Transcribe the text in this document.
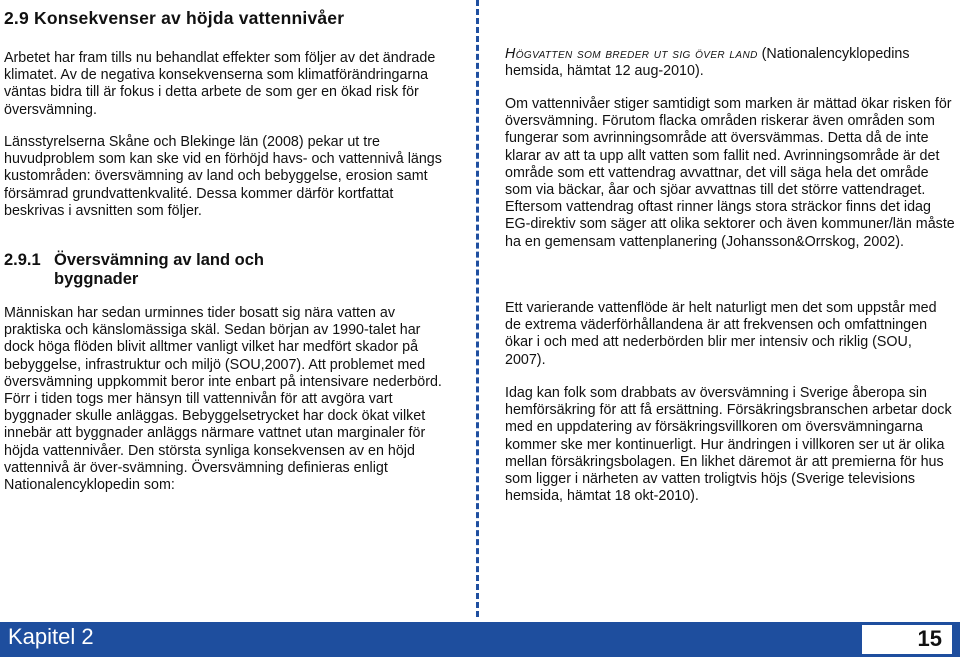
2.9 Konsekvenser av höjda vattennivåer

Arbetet har fram tills nu behandlat effekter som följer av det ändrade klimatet. Av de negativa konsekvenserna som klimatförändringarna väntas bidra till är fokus i detta arbete de som ger en ökad risk för översvämning.

Länsstyrelserna Skåne och Blekinge län (2008) pekar ut tre huvudproblem som kan ske vid en förhöjd havs- och vattennivå längs kustområden: översvämning av land och bebyggelse, erosion samt försämrad grundvattenkvalité. Dessa kommer därför kortfattat beskrivas i avsnitten som följer.

2.9.1 Översvämning av land och
byggnader

Människan har sedan urminnes tider bosatt sig nära vatten av praktiska och känslomässiga skäl. Sedan början av 1990-talet har dock höga flöden blivit alltmer vanligt vilket har medfört skador på bebyggelse, infrastruktur och miljö (SOU,2007). Att problemet med översvämning uppkommit beror inte enbart på intensivare nederbörd. Förr i tiden togs mer hänsyn till vattennivån för att avgöra vart byggnader skulle anläggas. Bebyggelsetrycket har dock ökat vilket innebär att byggnader anläggs närmare vattnet utan marginaler för höjda vattennivåer. Den största synliga konsekvensen av en höjd vattennivå är över-svämning. Översvämning definieras enligt Nationalencyklopedin som:

Högvatten som breder ut sig över land (Nationalencyklopedins hemsida, hämtat 12 aug-2010).

Om vattennivåer stiger samtidigt som marken är mättad ökar risken för översvämning. Förutom flacka områden riskerar även områden som fungerar som avrinningsområde att översvämmas. Detta då de inte klarar av att ta upp allt vatten som fallit ned. Avrinningsområde är det område som ett vattendrag avvattnar, det vill säga hela det område som via bäckar, åar och sjöar avvattnas till det större vattendraget. Eftersom vattendrag oftast rinner längs stora sträckor finns det idag EG-direktiv som säger att olika sektorer och även kommuner/län måste ha en gemensam vattenplanering (Johansson&Orrskog, 2002).

Ett varierande vattenflöde är helt naturligt men det som uppstår med de extrema väderförhållandena är att frekvensen och omfattningen ökar i och med att nederbörden blir mer intensiv och riklig (SOU, 2007).

Idag kan folk som drabbats av översvämning i Sverige åberopa sin hemförsäkring för att få ersättning. Försäkringsbranschen arbetar dock med en uppdatering av försäkringsvillkoren om översvämningarna kommer ske mer kontinuerligt. Hur ändringen i villkoren ser ut är olika mellan försäkringsbolagen. En likhet däremot är att premierna för hus som ligger i närheten av vatten troligtvis höjs (Sverige televisions hemsida, hämtat 18 okt-2010).

Kapitel 2	15
